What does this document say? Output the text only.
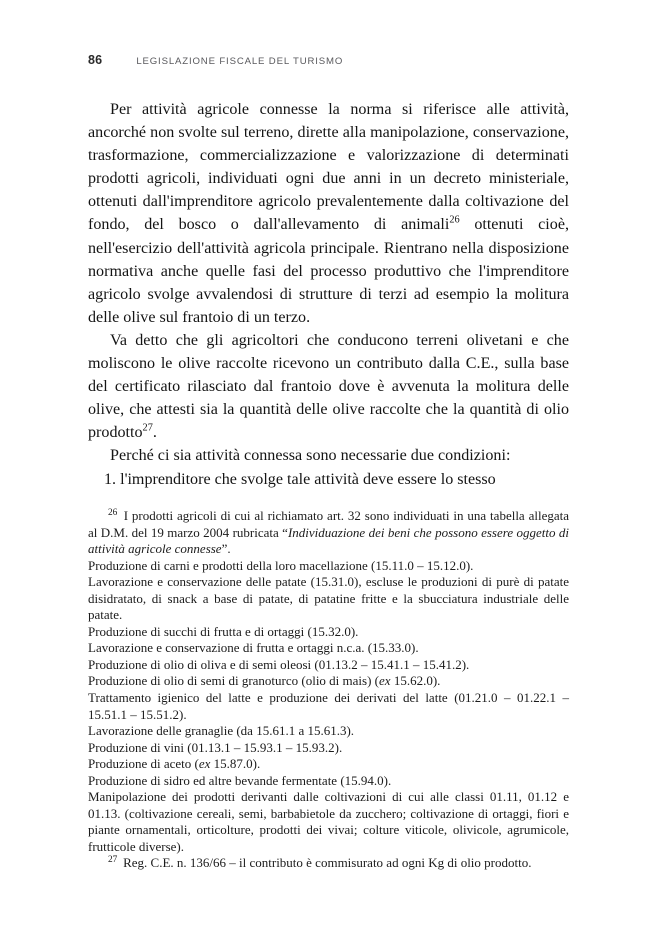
86	LEGISLAZIONE FISCALE DEL TURISMO

Per attività agricole connesse la norma si riferisce alle attività, ancorché non svolte sul terreno, dirette alla manipolazione, conservazione, trasformazione, commercializzazione e valorizzazione di determinati prodotti agricoli, individuati ogni due anni in un decreto ministeriale, ottenuti dall'imprenditore agricolo prevalentemente dalla coltivazione del fondo, del bosco o dall'allevamento di animali$^{26}$ ottenuti cioè, nell'esercizio dell'attività agricola principale. Rientrano nella disposizione normativa anche quelle fasi del processo produttivo che l'imprenditore agricolo svolge avvalendosi di strutture di terzi ad esempio la molitura delle olive sul frantoio di un terzo.

Va detto che gli agricoltori che conducono terreni olivetani e che moliscono le olive raccolte ricevono un contributo dalla C.E., sulla base del certificato rilasciato dal frantoio dove è avvenuta la molitura delle olive, che attesti sia la quantità delle olive raccolte che la quantità di olio prodotto$^{27}$.

Perché ci sia attività connessa sono necessarie due condizioni:

1. l'imprenditore che svolge tale attività deve essere lo stesso

$^{26}$ I prodotti agricoli di cui al richiamato art. 32 sono individuati in una tabella allegata al D.M. del 19 marzo 2004 rubricata “Individuazione dei beni che possono essere oggetto di attività agricole connesse”.

Produzione di carni e prodotti della loro macellazione (15.11.0 – 15.12.0).

Lavorazione e conservazione delle patate (15.31.0), escluse le produzioni di purè di patate disidratato, di snack a base di patate, di patatine fritte e la sbucciatura industriale delle patate.

Produzione di succhi di frutta e di ortaggi (15.32.0).

Lavorazione e conservazione di frutta e ortaggi n.c.a. (15.33.0).

Produzione di olio di oliva e di semi oleosi (01.13.2 – 15.41.1 – 15.41.2).

Produzione di olio di semi di granoturco (olio di mais) (ex 15.62.0).

Trattamento igienico del latte e produzione dei derivati del latte (01.21.0 – 01.22.1 – 15.51.1 – 15.51.2).

Lavorazione delle granaglie (da 15.61.1 a 15.61.3).

Produzione di vini (01.13.1 – 15.93.1 – 15.93.2).

Produzione di aceto (ex 15.87.0).

Produzione di sidro ed altre bevande fermentate (15.94.0).

Manipolazione dei prodotti derivanti dalle coltivazioni di cui alle classi 01.11, 01.12 e 01.13. (coltivazione cereali, semi, barbabietole da zucchero; coltivazione di ortaggi, fiori e piante ornamentali, orticolture, prodotti dei vivai; colture viticole, olivicole, agrumicole, frutticole diverse).

$^{27}$ Reg. C.E. n. 136/66 – il contributo è commisurato ad ogni Kg di olio prodotto.
